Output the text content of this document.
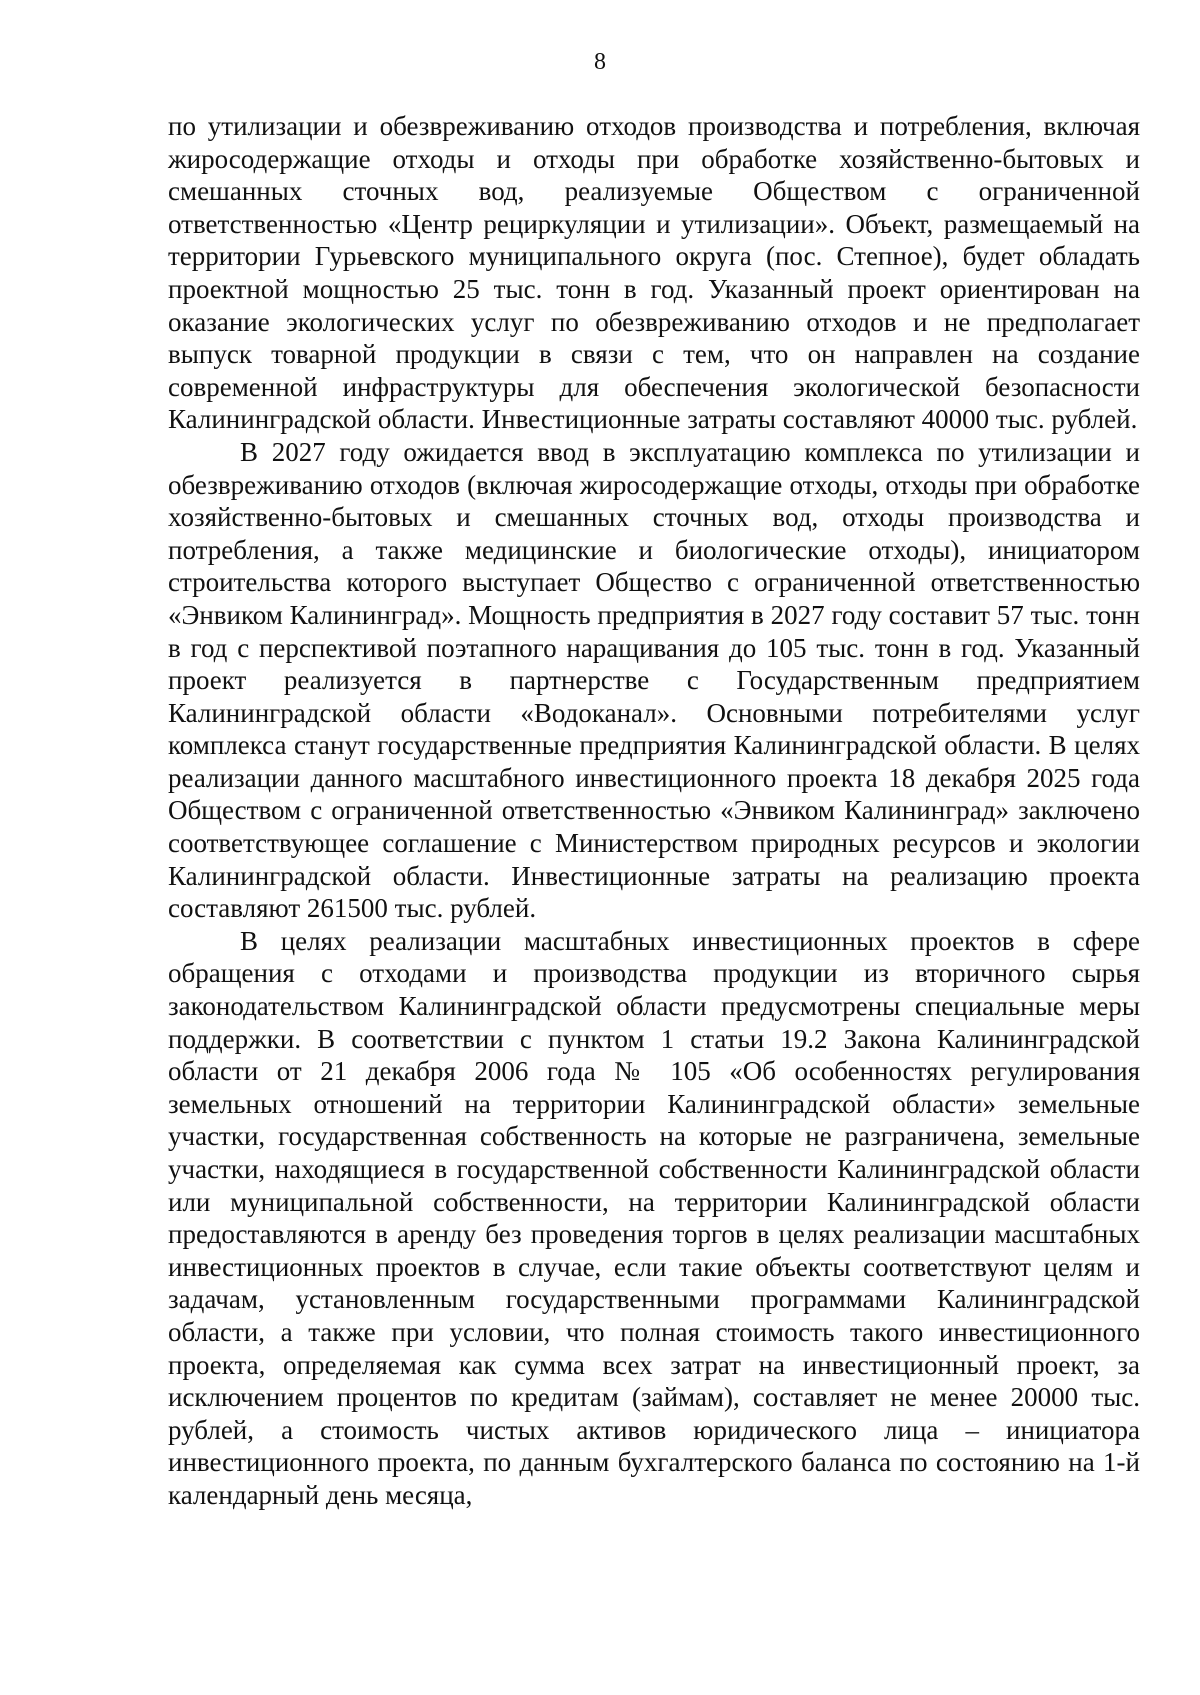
8

по утилизации и обезвреживанию отходов производства и потребления, включая жиросодержащие отходы и отходы при обработке хозяйственно-бытовых и смешанных сточных вод, реализуемые Обществом с ограниченной ответственностью «Центр рециркуляции и утилизации». Объект, размещаемый на территории Гурьевского муниципального округа (пос. Степное), будет обладать проектной мощностью 25 тыс. тонн в год. Указанный проект ориентирован на оказание экологических услуг по обезвреживанию отходов и не предполагает выпуск товарной продукции в связи с тем, что он направлен на создание современной инфраструктуры для обеспечения экологической безопасности Калининградской области. Инвестиционные затраты составляют 40000 тыс. рублей.

В 2027 году ожидается ввод в эксплуатацию комплекса по утилизации и обезвреживанию отходов (включая жиросодержащие отходы, отходы при обработке хозяйственно-бытовых и смешанных сточных вод, отходы производства и потребления, а также медицинские и биологические отходы), инициатором строительства которого выступает Общество с ограниченной ответственностью «Энвиком Калининград». Мощность предприятия в 2027 году составит 57 тыс. тонн в год с перспективой поэтапного наращивания до 105 тыс. тонн в год. Указанный проект реализуется в партнерстве с Государственным предприятием Калининградской области «Водоканал». Основными потребителями услуг комплекса станут государственные предприятия Калининградской области. В целях реализации данного масштабного инвестиционного проекта 18 декабря 2025 года Обществом с ограниченной ответственностью «Энвиком Калининград» заключено соответствующее соглашение с Министерством природных ресурсов и экологии Калининградской области. Инвестиционные затраты на реализацию проекта составляют 261500 тыс. рублей.

В целях реализации масштабных инвестиционных проектов в сфере обращения с отходами и производства продукции из вторичного сырья законодательством Калининградской области предусмотрены специальные меры поддержки. В соответствии с пунктом 1 статьи 19.2 Закона Калининградской области от 21 декабря 2006 года № 105 «Об особенностях регулирования земельных отношений на территории Калининградской области» земельные участки, государственная собственность на которые не разграничена, земельные участки, находящиеся в государственной собственности Калининградской области или муниципальной собственности, на территории Калининградской области предоставляются в аренду без проведения торгов в целях реализации масштабных инвестиционных проектов в случае, если такие объекты соответствуют целям и задачам, установленным государственными программами Калининградской области, а также при условии, что полная стоимость такого инвестиционного проекта, определяемая как сумма всех затрат на инвестиционный проект, за исключением процентов по кредитам (займам), составляет не менее 20000 тыс. рублей, а стоимость чистых активов юридического лица – инициатора инвестиционного проекта, по данным бухгалтерского баланса по состоянию на 1-й календарный день месяца,
